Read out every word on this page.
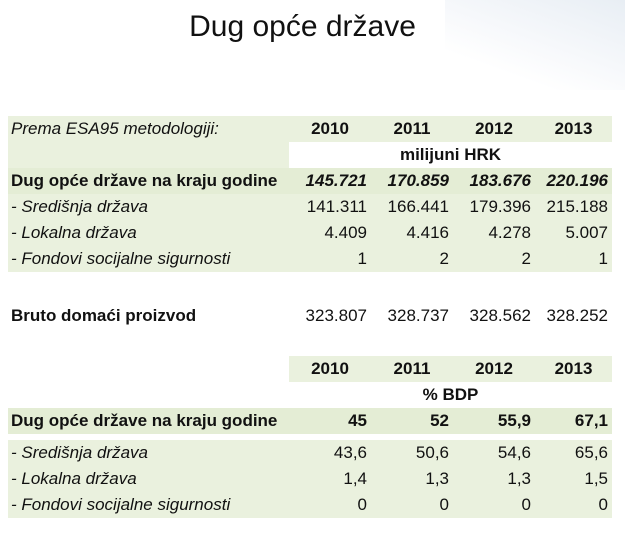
Dug opće države
Prema ESA95 metodologiji:	2010	2011	2012	2013
milijuni HRK
Dug opće države na kraju godine	145.721	170.859	183.676 220.196
- Središnja država	141.311	166.441	179.396 215.188
- Lokalna država	4.409	4.416	4.278	5.007
- Fondovi socijalne sigurnosti	1	2	2	1
Bruto domaći proizvod	323.807	328.737	328.562 328.252
2010	2011	2012	2013
% BDP
Dug opće države na kraju godine	45	52	55,9	67,1
- Središnja država	43,6	50,6	54,6	65,6
- Lokalna država	1,4	1,3	1,3	1,5
- Fondovi socijalne sigurnosti	0	0	0	0
